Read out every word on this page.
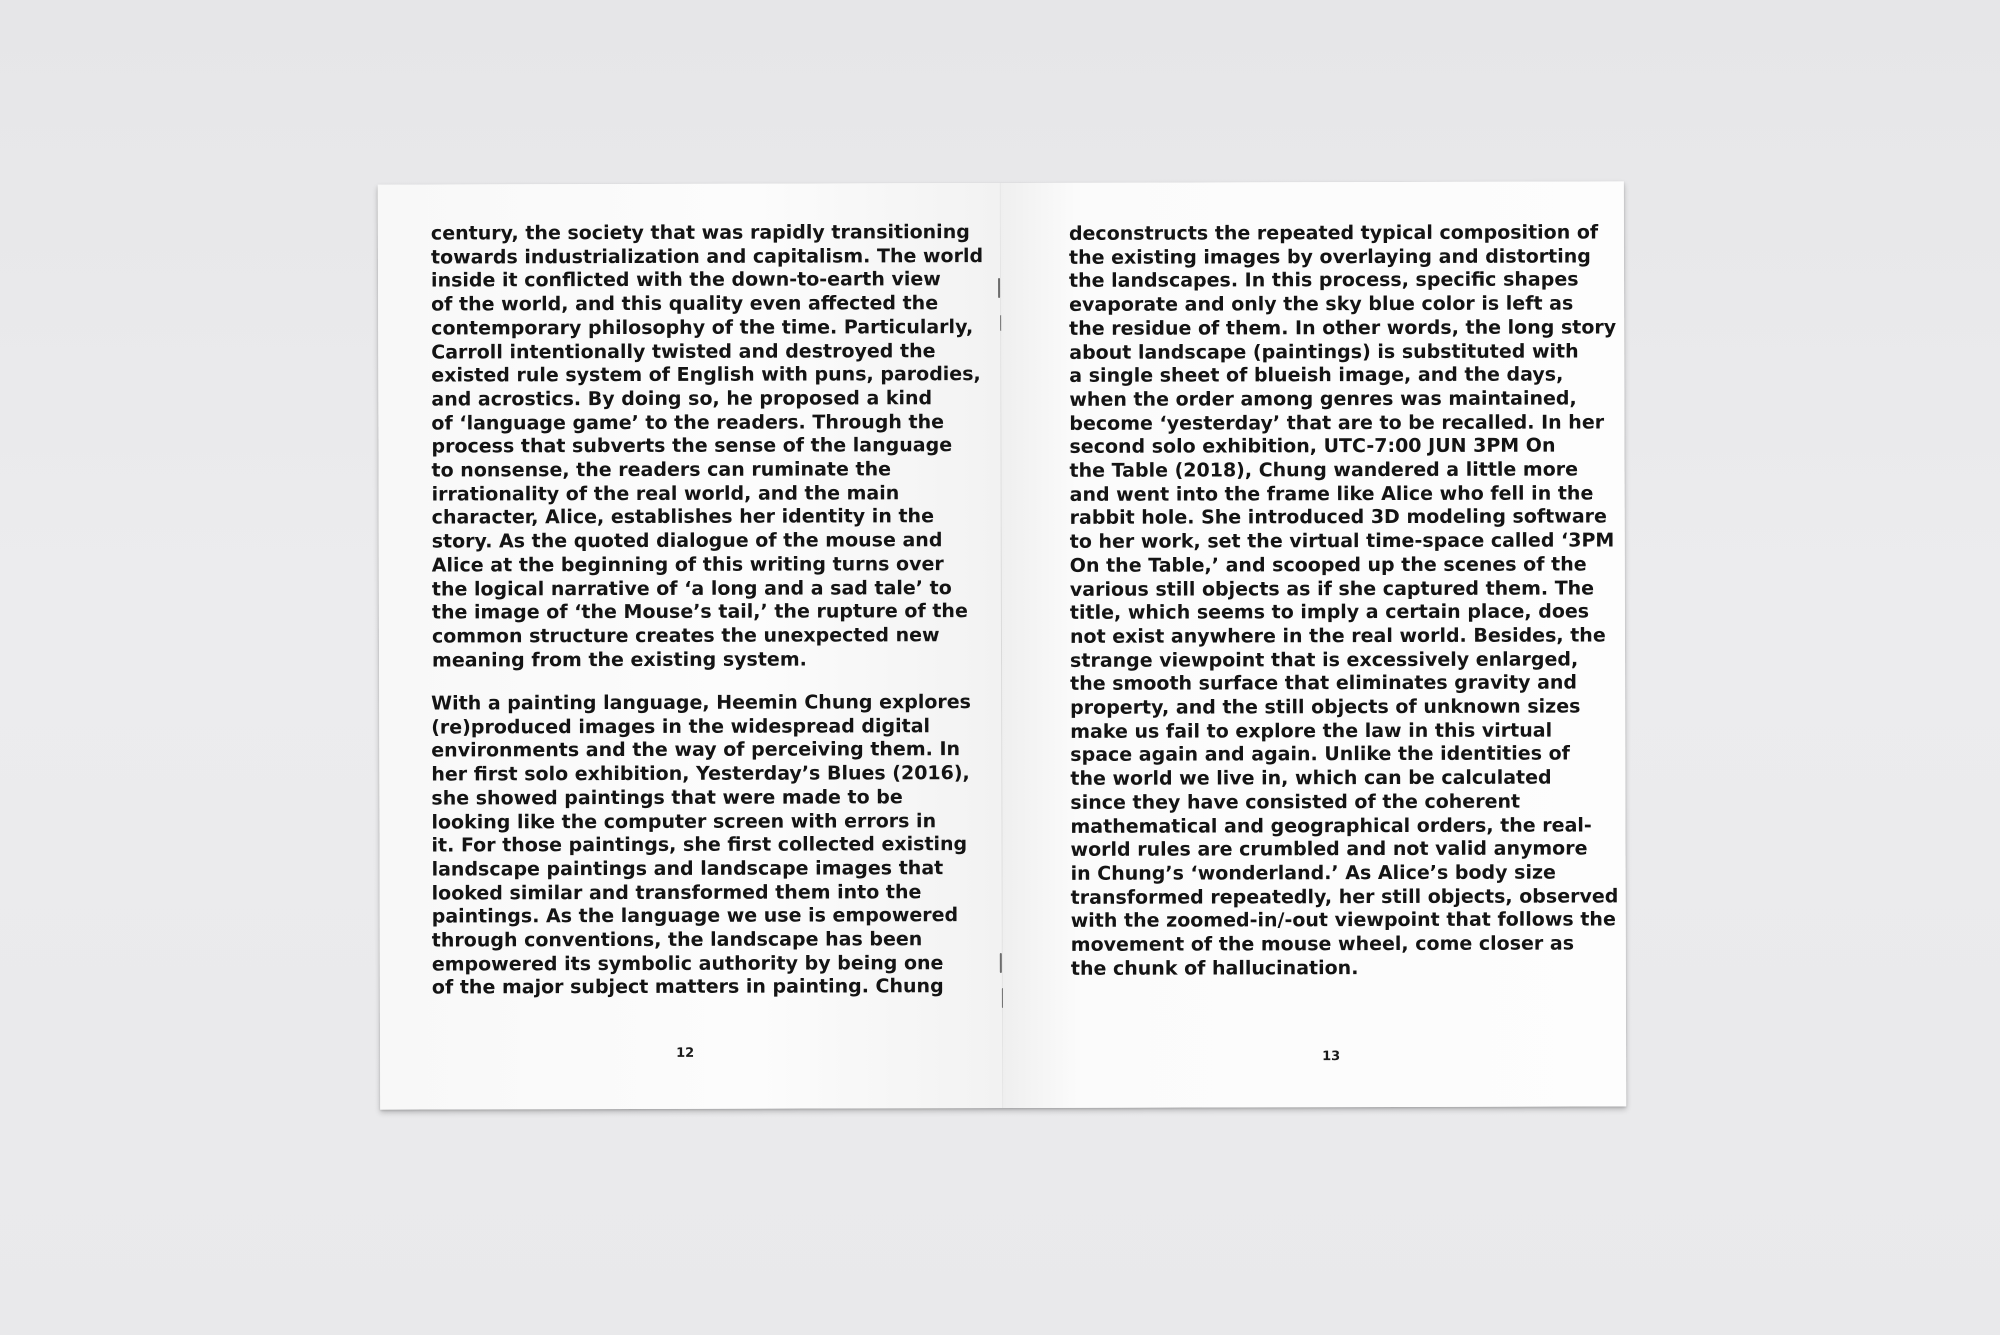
century, the society that was rapidly transitioning

towards industrialization and capitalism. The world

inside it conflicted with the down-to-earth view

of the world, and this quality even affected the

contemporary philosophy of the time. Particularly,

Carroll intentionally twisted and destroyed the

existed rule system of English with puns, parodies,

and acrostics. By doing so, he proposed a kind

of ‘language game’ to the readers. Through the

process that subverts the sense of the language

to nonsense, the readers can ruminate the

irrationality of the real world, and the main

character, Alice, establishes her identity in the

story. As the quoted dialogue of the mouse and

Alice at the beginning of this writing turns over

the logical narrative of ‘a long and a sad tale’ to

the image of ‘the Mouse’s tail,’ the rupture of the

common structure creates the unexpected new

meaning from the existing system.

With a painting language, Heemin Chung explores

(re)produced images in the widespread digital

environments and the way of perceiving them. In

her first solo exhibition, Yesterday’s Blues (2016),

she showed paintings that were made to be

looking like the computer screen with errors in

it. For those paintings, she first collected existing

landscape paintings and landscape images that

looked similar and transformed them into the

paintings. As the language we use is empowered

through conventions, the landscape has been

empowered its symbolic authority by being one

of the major subject matters in painting. Chung

12

deconstructs the repeated typical composition of

the existing images by overlaying and distorting

the landscapes. In this process, specific shapes

evaporate and only the sky blue color is left as

the residue of them. In other words, the long story

about landscape (paintings) is substituted with

a single sheet of blueish image, and the days,

when the order among genres was maintained,

become ‘yesterday’ that are to be recalled. In her

second solo exhibition, UTC-7:00 JUN 3PM On

the Table (2018), Chung wandered a little more

and went into the frame like Alice who fell in the

rabbit hole. She introduced 3D modeling software

to her work, set the virtual time-space called ‘3PM

On the Table,’ and scooped up the scenes of the

various still objects as if she captured them. The

title, which seems to imply a certain place, does

not exist anywhere in the real world. Besides, the

strange viewpoint that is excessively enlarged,

the smooth surface that eliminates gravity and

property, and the still objects of unknown sizes

make us fail to explore the law in this virtual

space again and again. Unlike the identities of

the world we live in, which can be calculated

since they have consisted of the coherent

mathematical and geographical orders, the real-

world rules are crumbled and not valid anymore

in Chung’s ‘wonderland.’ As Alice’s body size

transformed repeatedly, her still objects, observed

with the zoomed-in/-out viewpoint that follows the

movement of the mouse wheel, come closer as

the chunk of hallucination.

13
